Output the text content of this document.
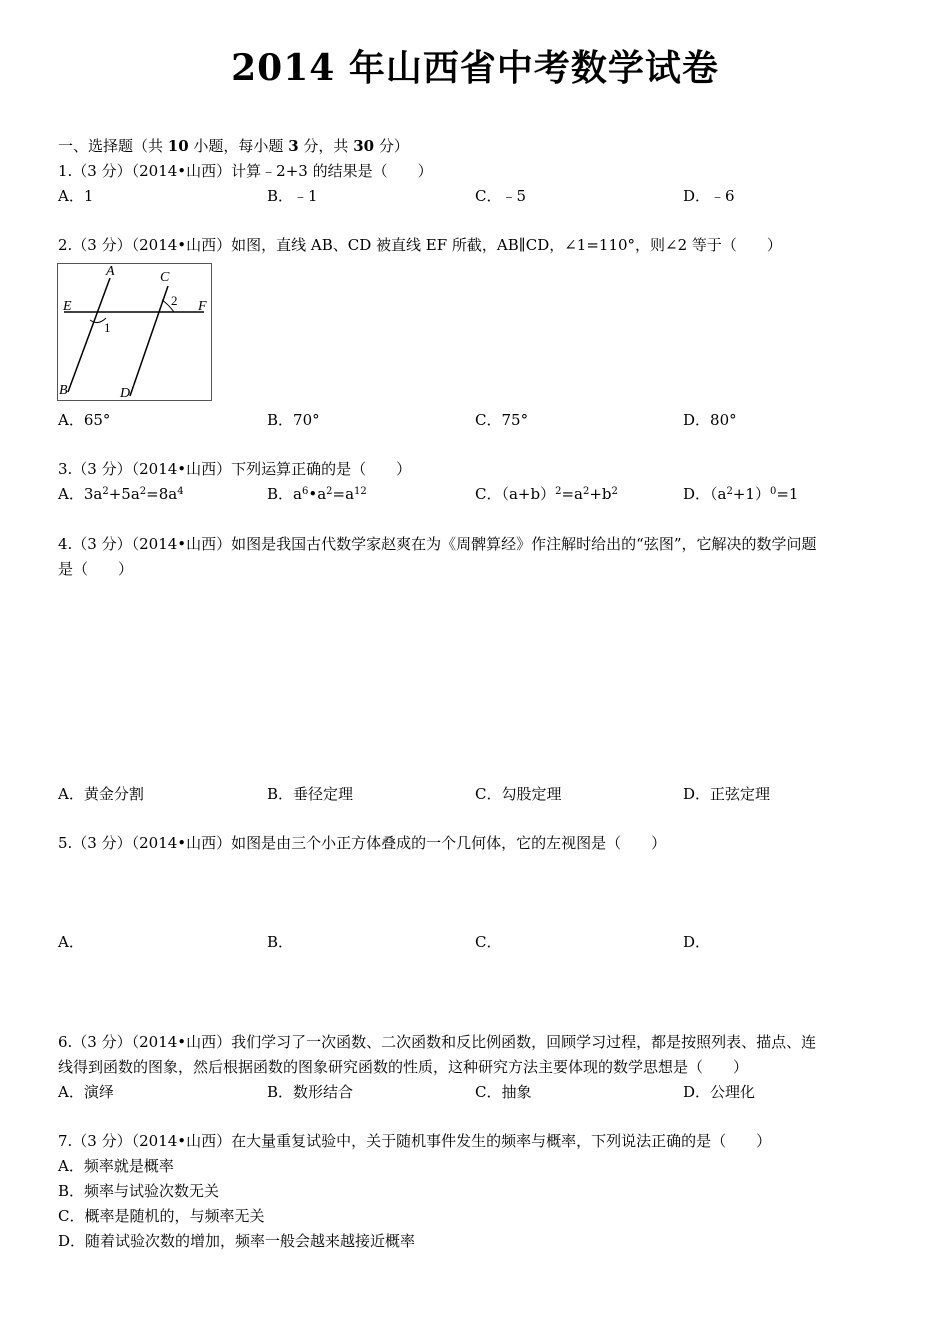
2014 年山西省中考数学试卷
一、选择题（共 10 小题，每小题 3 分，共 30 分）
1.（3 分）（2014•山西）计算﹣2+3 的结果是（　　）
A．1	B．﹣1	C．﹣5	D．﹣6
2.（3 分）（2014•山西）如图，直线 AB、CD 被直线 EF 所截，AB∥CD，∠1=110°，则∠2 等于（　　）
A	C
2
E	F
1
B	D
A．65°	B．70°	C．75°	D．80°
3.（3 分）（2014•山西）下列运算正确的是（　　）
A．$3a^2+5a^2=8a^4$	B．$a^6•a^2=a^{12}$	C．$(a+b)^2=a^2+b^2$	D．$(a^2+1)^0=1$
4.（3 分）（2014•山西）如图是我国古代数学家赵爽在为《周髀算经》作注解时给出的“弦图”，它解决的数学问题
是（　　）
A．黄金分割	B．垂径定理	C．勾股定理	D．正弦定理
5.（3 分）（2014•山西）如图是由三个小正方体叠成的一个几何体，它的左视图是（　　）
A．	B．	C．	D．
6.（3 分）（2014•山西）我们学习了一次函数、二次函数和反比例函数，回顾学习过程，都是按照列表、描点、连
线得到函数的图象，然后根据函数的图象研究函数的性质，这种研究方法主要体现的数学思想是（　　）
A．演绎	B．数形结合	C．抽象	D．公理化
7.（3 分）（2014•山西）在大量重复试验中，关于随机事件发生的频率与概率，下列说法正确的是（　　）
A．频率就是概率
B．频率与试验次数无关
C．概率是随机的，与频率无关
D．随着试验次数的增加，频率一般会越来越接近概率
